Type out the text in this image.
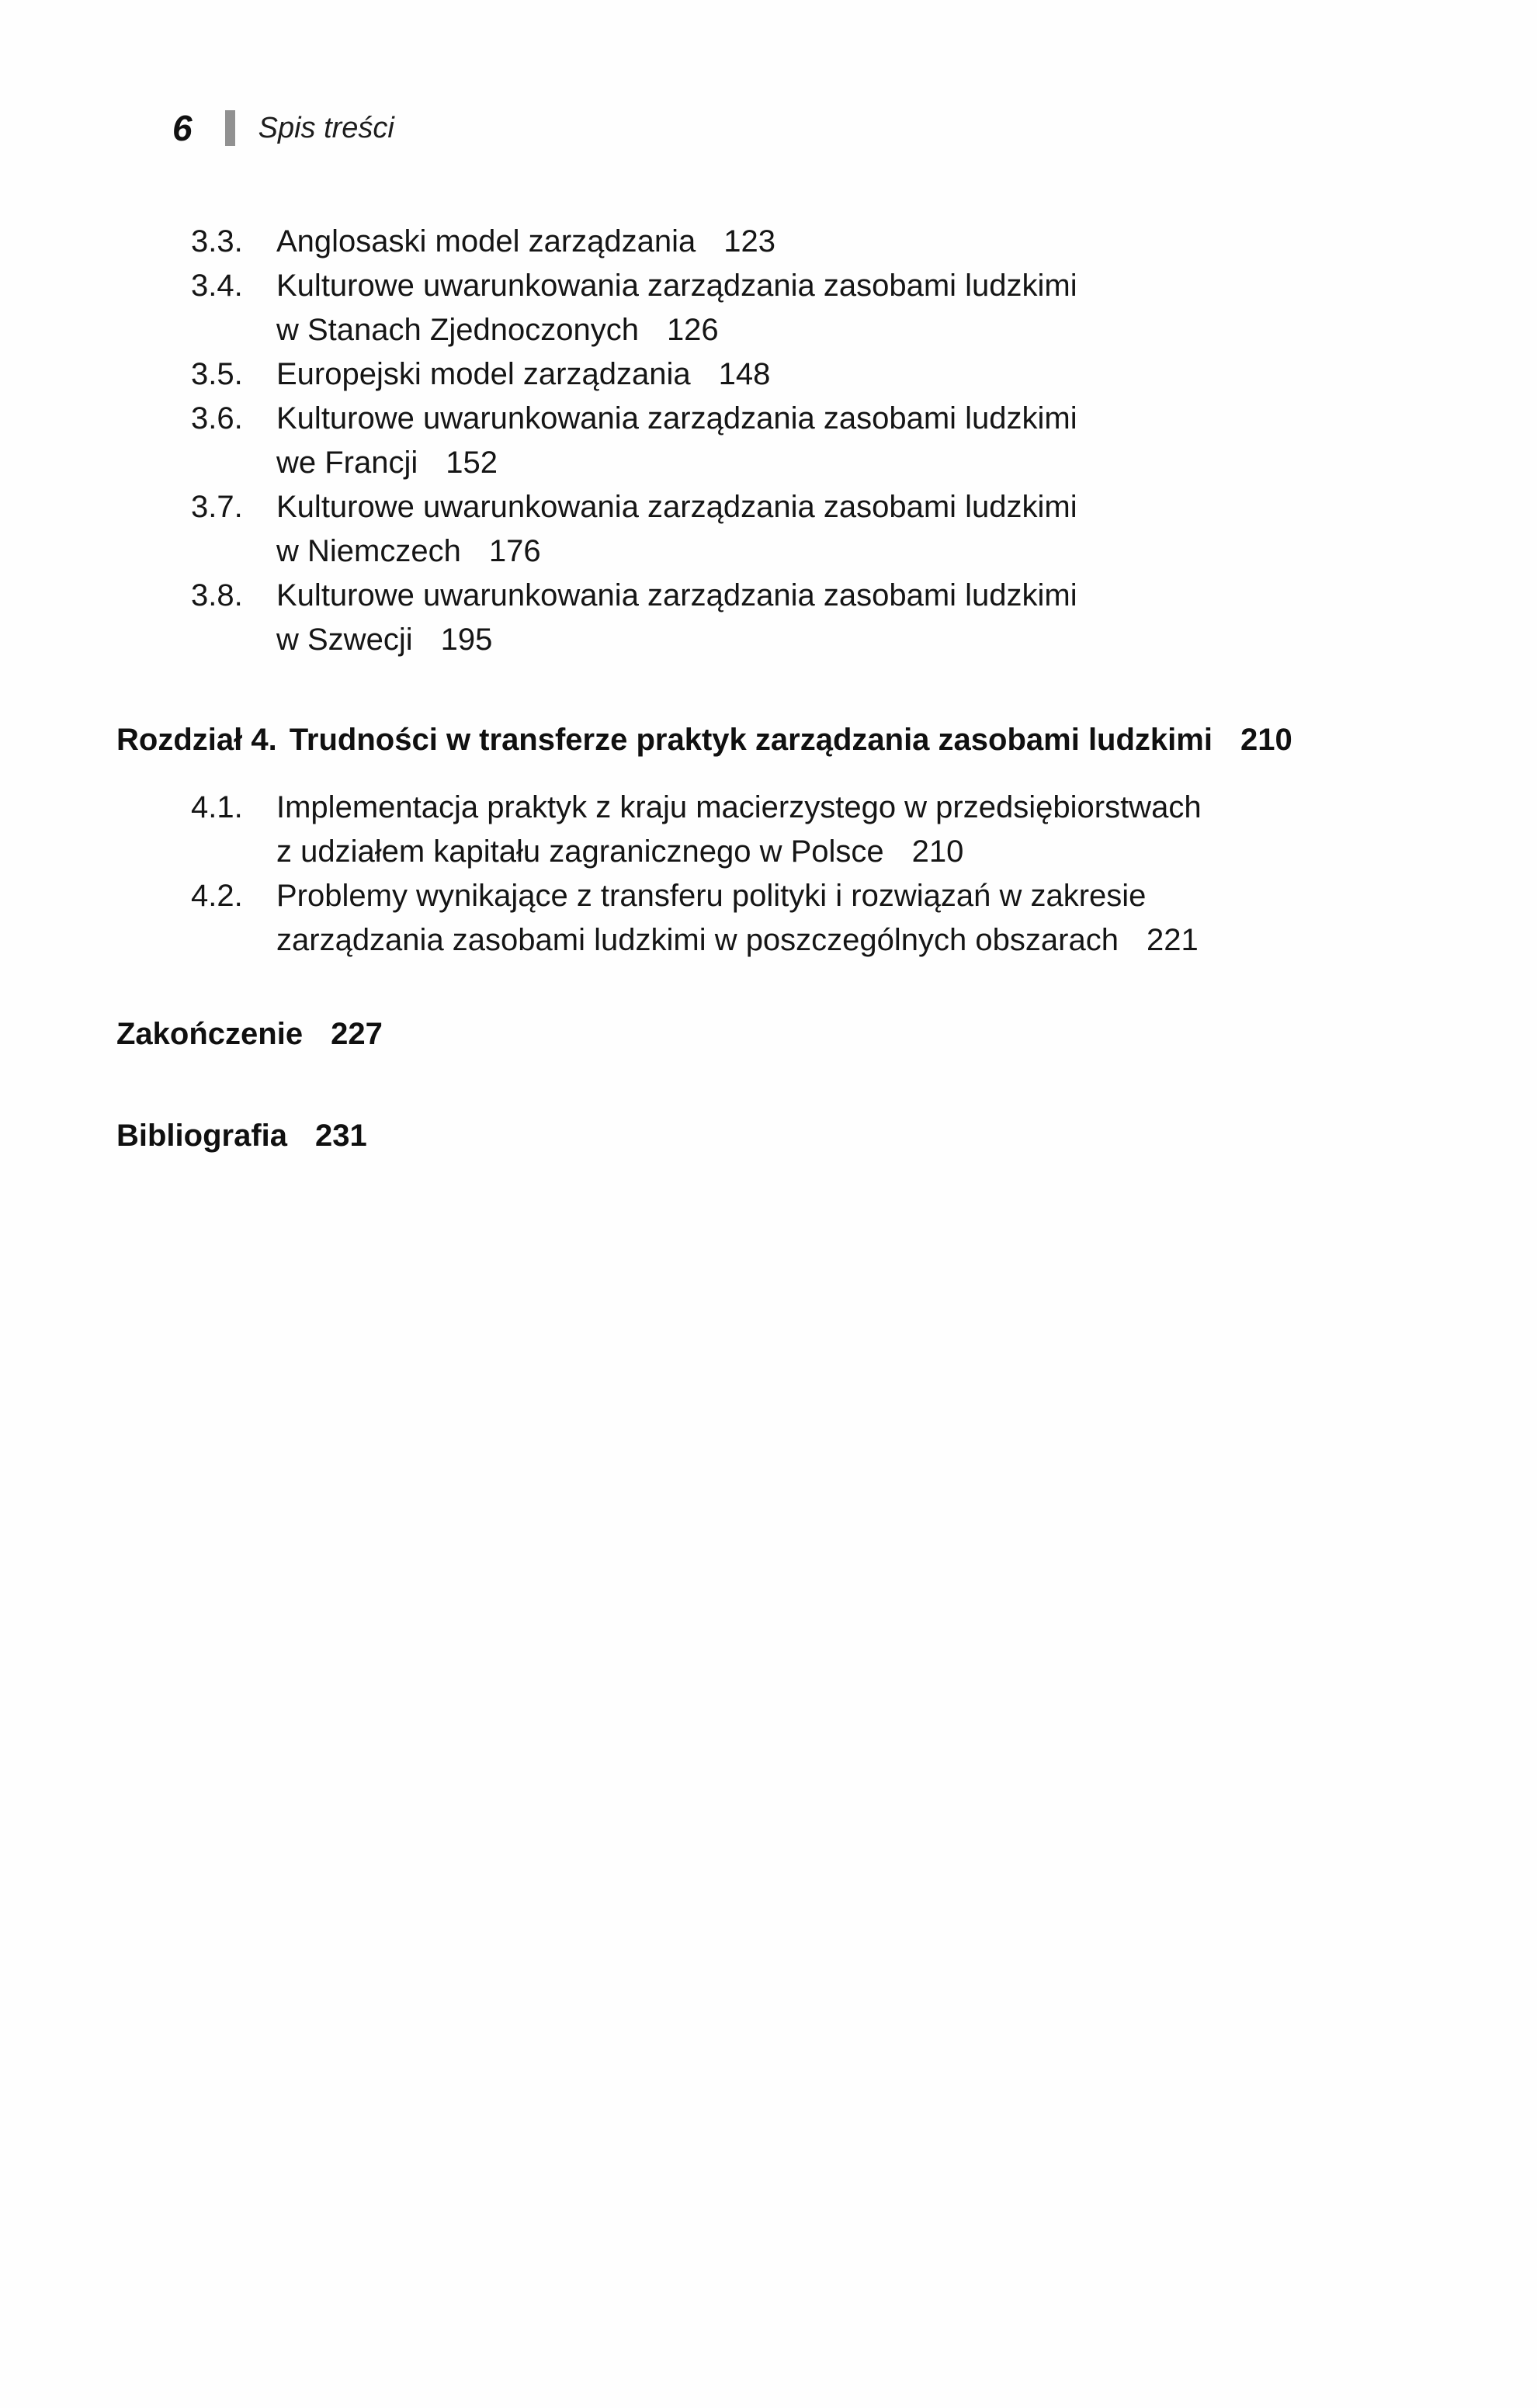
6 Spis treści
3.3.	Anglosaski model zarządzania 123
3.4.	Kulturowe uwarunkowania zarządzania zasobami ludzkimi
w Stanach Zjednoczonych 126
3.5.	Europejski model zarządzania 148
3.6.	Kulturowe uwarunkowania zarządzania zasobami ludzkimi
we Francji 152
3.7.	Kulturowe uwarunkowania zarządzania zasobami ludzkimi
w Niemczech 176
3.8.	Kulturowe uwarunkowania zarządzania zasobami ludzkimi
w Szwecji 195
Rozdział 4. Trudności w transferze praktyk zarządzania zasobami ludzkimi 210
4.1.	Implementacja praktyk z kraju macierzystego w przedsiębiorstwach
z udziałem kapitału zagranicznego w Polsce 210
4.2.	Problemy wynikające z transferu polityki i rozwiązań w zakresie
zarządzania zasobami ludzkimi w poszczególnych obszarach 221
Zakończenie 227
Bibliografia 231
